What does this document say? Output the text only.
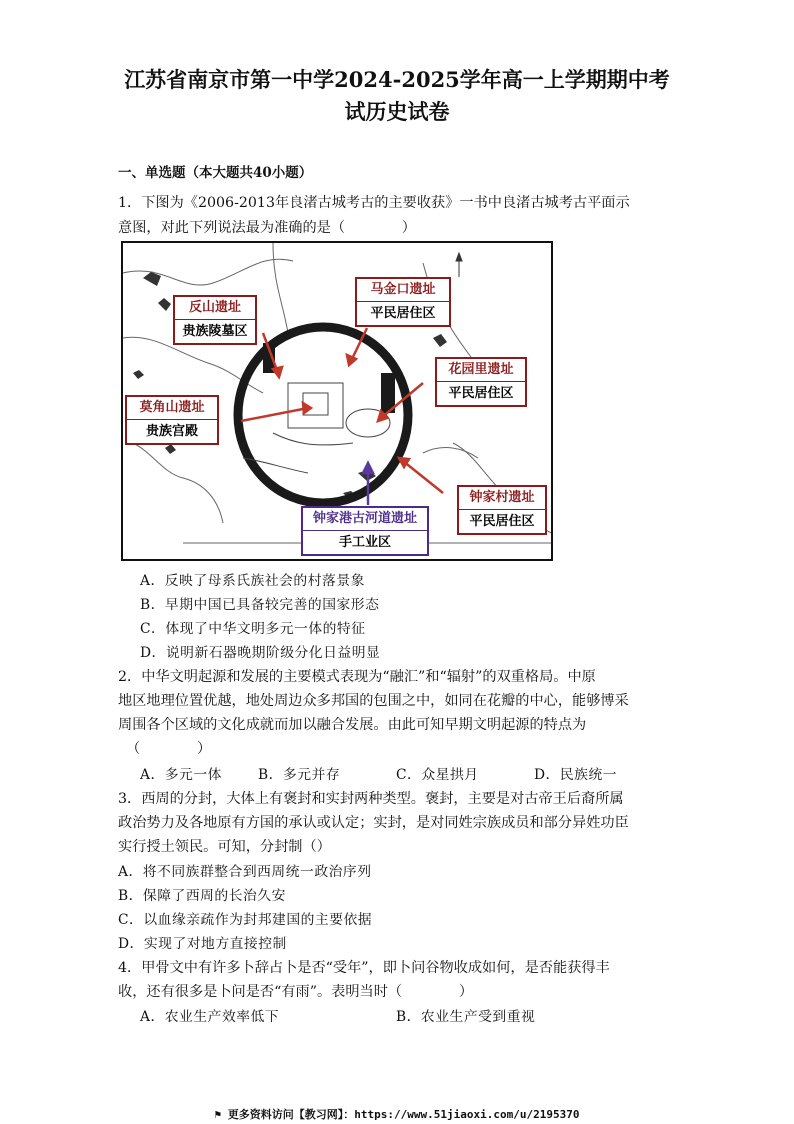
江苏省南京市第一中学2024-2025学年高一上学期期中考
试历史试卷
一、单选题（本大题共40小题）
1．下图为《2006-2013年良渚古城考古的主要收获》一书中良渚古城考古平面示
意图，对此下列说法最为准确的是（　　　　）
反山遗址
贵族陵墓区
马金口遗址
平民居住区
花园里遗址
平民居住区
莫角山遗址
贵族宫殿
钟家村遗址
平民居住区
钟家港古河道遗址
手工业区
A．反映了母系氏族社会的村落景象
B．早期中国已具备较完善的国家形态
C．体现了中华文明多元一体的特征
D．说明新石器晚期阶级分化日益明显
2．中华文明起源和发展的主要模式表现为“融汇”和“辐射”的双重格局。中原
地区地理位置优越，地处周边众多邦国的包围之中，如同在花瓣的中心，能够博采
周围各个区域的文化成就而加以融合发展。由此可知早期文明起源的特点为
（　　　　）
A．多元一体	B．多元并存	C．众星拱月	D．民族统一
3．西周的分封，大体上有褒封和实封两种类型。褒封，主要是对古帝王后裔所属
政治势力及各地原有方国的承认或认定；实封，是对同姓宗族成员和部分异姓功臣
实行授土领民。可知，分封制（）
A．将不同族群整合到西周统一政治序列
B．保障了西周的长治久安
C．以血缘亲疏作为封邦建国的主要依据
D．实现了对地方直接控制
4．甲骨文中有许多卜辞占卜是否“受年”，即卜问谷物收成如何，是否能获得丰
收，还有很多是卜问是否“有雨”。表明当时（　　　　）
A．农业生产效率低下	B．农业生产受到重视
⚑ 更多资料访问【教习网】：https://www.51jiaoxi.com/u/2195370
